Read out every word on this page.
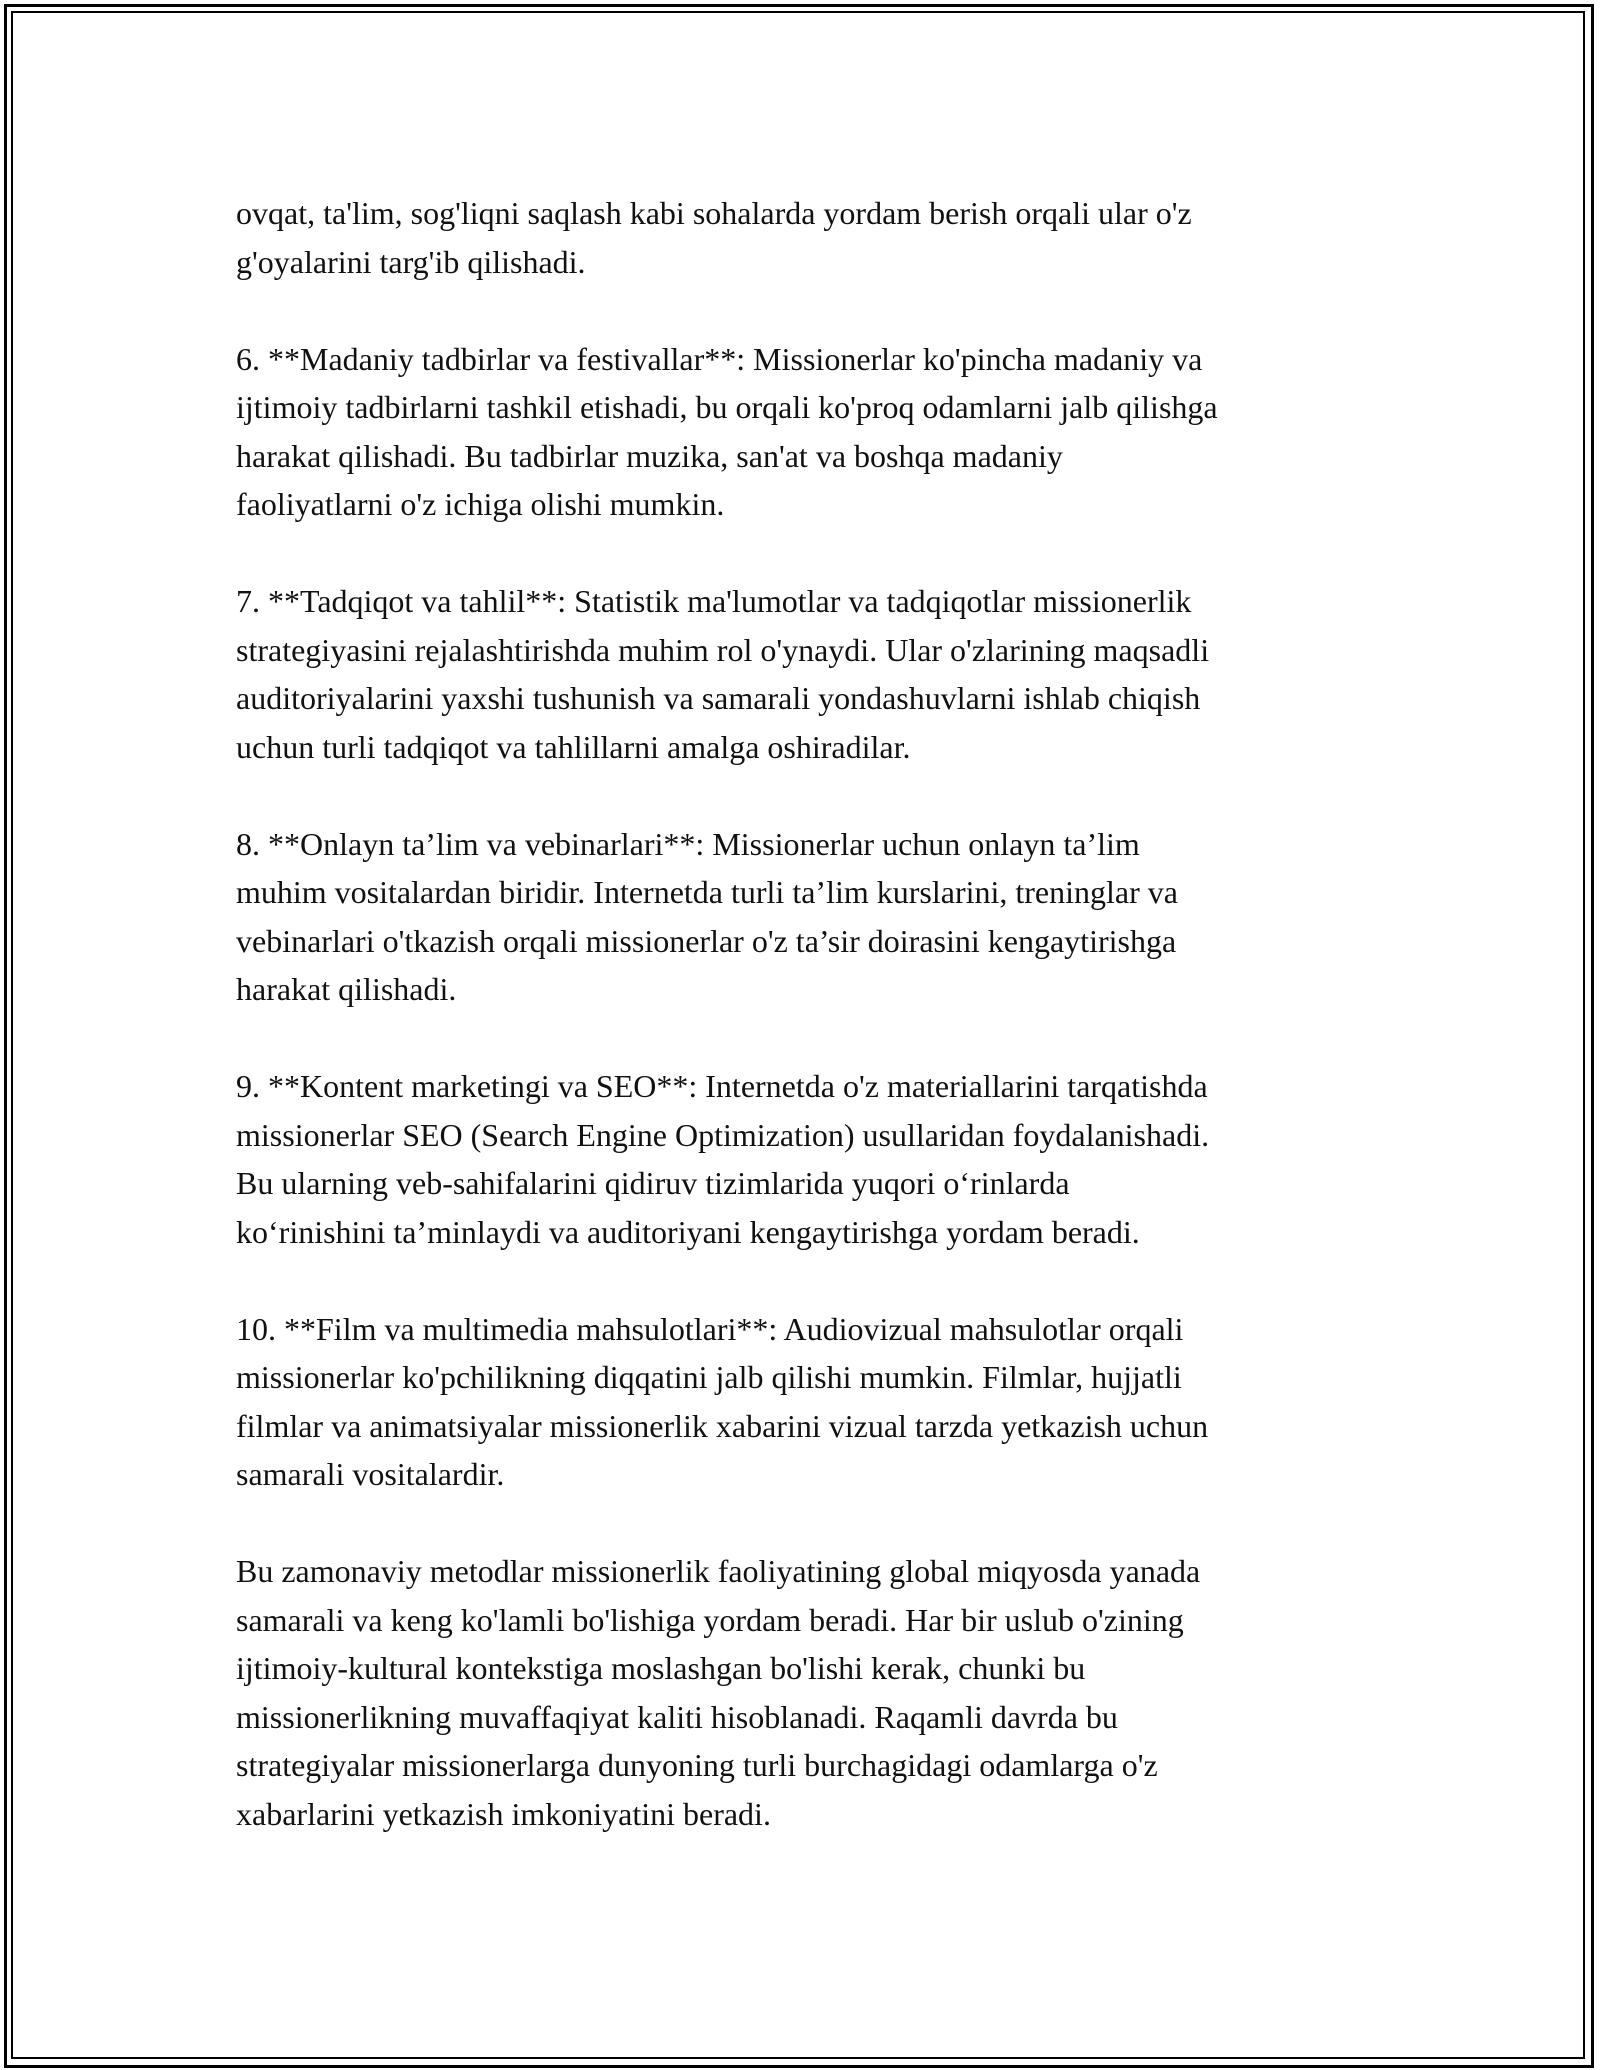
ovqat, ta'lim, sog'liqni saqlash kabi sohalarda yordam berish orqali ular o'z
g'oyalarini targ'ib qilishadi.

6. **Madaniy tadbirlar va festivallar**: Missionerlar ko'pincha madaniy va
ijtimoiy tadbirlarni tashkil etishadi, bu orqali ko'proq odamlarni jalb qilishga
harakat qilishadi. Bu tadbirlar muzika, san'at va boshqa madaniy
faoliyatlarni o'z ichiga olishi mumkin.

7. **Tadqiqot va tahlil**: Statistik ma'lumotlar va tadqiqotlar missionerlik
strategiyasini rejalashtirishda muhim rol o'ynaydi. Ular o'zlarining maqsadli
auditoriyalarini yaxshi tushunish va samarali yondashuvlarni ishlab chiqish
uchun turli tadqiqot va tahlillarni amalga oshiradilar.

8. **Onlayn ta’lim va vebinarlari**: Missionerlar uchun onlayn ta’lim
muhim vositalardan biridir. Internetda turli ta’lim kurslarini, treninglar va
vebinarlari o'tkazish orqali missionerlar o'z ta’sir doirasini kengaytirishga
harakat qilishadi.

9. **Kontent marketingi va SEO**: Internetda o'z materiallarini tarqatishda
missionerlar SEO (Search Engine Optimization) usullaridan foydalanishadi.
Bu ularning veb-sahifalarini qidiruv tizimlarida yuqori o‘rinlarda
ko‘rinishini ta’minlaydi va auditoriyani kengaytirishga yordam beradi.

10. **Film va multimedia mahsulotlari**: Audiovizual mahsulotlar orqali
missionerlar ko'pchilikning diqqatini jalb qilishi mumkin. Filmlar, hujjatli
filmlar va animatsiyalar missionerlik xabarini vizual tarzda yetkazish uchun
samarali vositalardir.

Bu zamonaviy metodlar missionerlik faoliyatining global miqyosda yanada
samarali va keng ko'lamli bo'lishiga yordam beradi. Har bir uslub o'zining
ijtimoiy-kultural kontekstiga moslashgan bo'lishi kerak, chunki bu
missionerlikning muvaffaqiyat kaliti hisoblanadi. Raqamli davrda bu
strategiyalar missionerlarga dunyoning turli burchagidagi odamlarga o'z
xabarlarini yetkazish imkoniyatini beradi.
